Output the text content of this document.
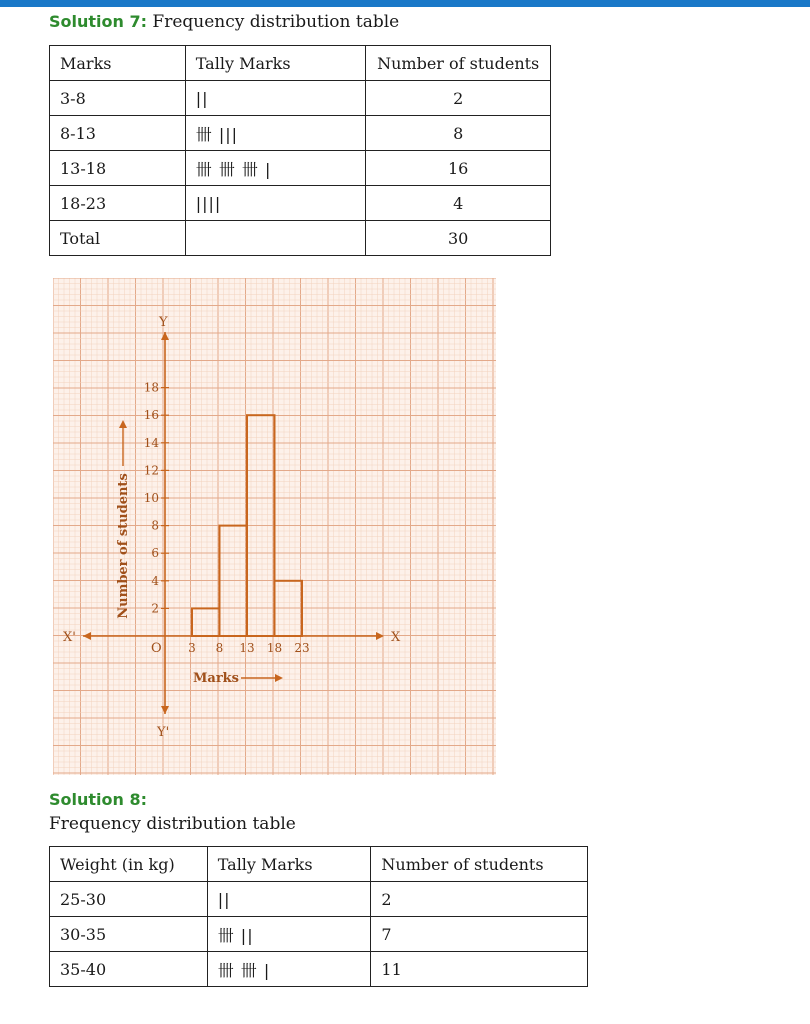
Solution 7: Frequency distribution table
Marks	Tally Marks	Number of students
3-8	||	2
8-13	卌 |||	8
13-18	卌 卌 卌 |	16
18-23	||||	4
Total		30
2
4
6
8
10
12
14
16
18
3 8 13 18 23
O
X
X'
Y
Y'
Marks
Number of students
Solution 8:
Frequency distribution table
Weight (in kg)	Tally Marks	Number of students
25-30	||	2
30-35	卌 ||	7
35-40	卌 卌 |	11
